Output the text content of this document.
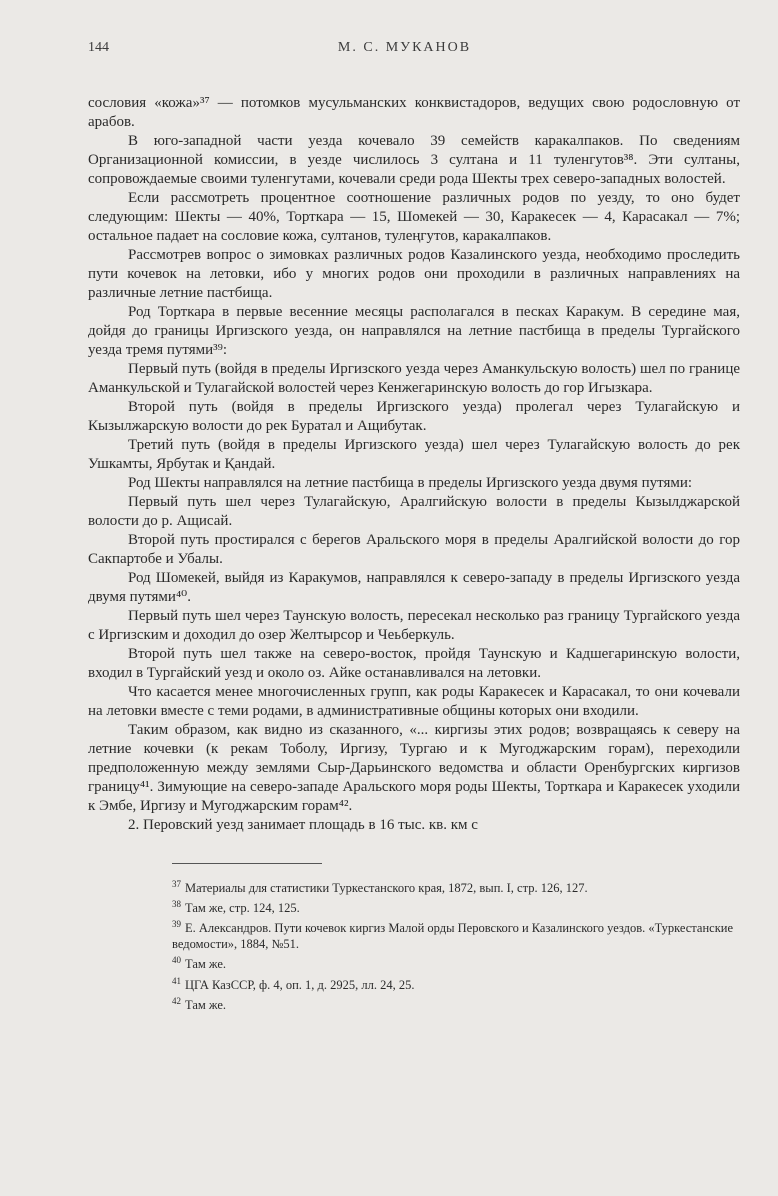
144	М. С. МУКАНОВ

сословия «кожа»³⁷ — потомков мусульманских конквистадоров, ведущих свою родословную от арабов.

В юго-западной части уезда кочевало 39 семейств каракалпаков. По сведениям Организационной комиссии, в уезде числилось 3 султана и 11 туленгутов³⁸. Эти султаны, сопровождаемые своими туленгутами, кочевали среди рода Шекты трех северо-западных волостей.

Если рассмотреть процентное соотношение различных родов по уезду, то оно будет следующим: Шекты — 40%, Торткара — 15, Шомекей — 30, Каракесек — 4, Карасакал — 7%; остальное падает на сословие кожа, султанов, тулеңгутов, каракалпаков.

Рассмотрев вопрос о зимовках различных родов Казалинского уезда, необходимо проследить пути кочевок на летовки, ибо у многих родов они проходили в различных направлениях на различные летние пастбища.

Род Торткара в первые весенние месяцы располагался в песках Каракум. В середине мая, дойдя до границы Иргизского уезда, он направлялся на летние пастбища в пределы Тургайского уезда тремя путями³⁹:

Первый путь (войдя в пределы Иргизского уезда через Аманкульскую волость) шел по границе Аманкульской и Тулагайской волостей через Кенжегаринскую волость до гор Игызкара.

Второй путь (войдя в пределы Иргизского уезда) пролегал через Тулагайскую и Кызылжарскую волости до рек Буратал и Ащибутак.

Третий путь (войдя в пределы Иргизского уезда) шел через Тулагайскую волость до рек Ушкамты, Ярбутак и Қандай.

Род Шекты направлялся на летние пастбища в пределы Иргизского уезда двумя путями:

Первый путь шел через Тулагайскую, Аралгийскую волости в пределы Кызылджарской волости до р. Ащисай.

Второй путь простирался с берегов Аральского моря в пределы Аралгийской волости до гор Сакпартобе и Убалы.

Род Шомекей, выйдя из Каракумов, направлялся к северо-западу в пределы Иргизского уезда двумя путями⁴⁰.

Первый путь шел через Таунскую волость, пересекал несколько раз границу Тургайского уезда с Иргизским и доходил до озер Желтырсор и Чеьберкуль.

Второй путь шел также на северо-восток, пройдя Таунскую и Кадшегаринскую волости, входил в Тургайский уезд и около оз. Айке останавливался на летовки.

Что касается менее многочисленных групп, как роды Каракесек и Карасакал, то они кочевали на летовки вместе с теми родами, в административные общины которых они входили.

Таким образом, как видно из сказанного, «... киргизы этих родов; возвращаясь к северу на летние кочевки (к рекам Тоболу, Иргизу, Тургаю и к Мугоджарским горам), переходили предположенную между землями Сыр-Дарьинского ведомства и области Оренбургских киргизов границу⁴¹. Зимующие на северо-западе Аральского моря роды Шекты, Торткара и Каракесек уходили к Эмбе, Иргизу и Мугоджарским горам⁴².

2. Перовский уезд занимает площадь в 16 тыс. кв. км с

$^{37}$ Материалы для статистики Туркестанского края, 1872, вып. I, стр. 126, 127.

$^{38}$ Там же, стр. 124, 125.

$^{39}$ Е. Александров. Пути кочевок киргиз Малой орды Перовского и Казалинского уездов. «Туркестанские ведомости», 1884, №51.

$^{40}$ Там же.

$^{41}$ ЦГА КазССР, ф. 4, оп. 1, д. 2925, лл. 24, 25.

$^{42}$ Там же.
